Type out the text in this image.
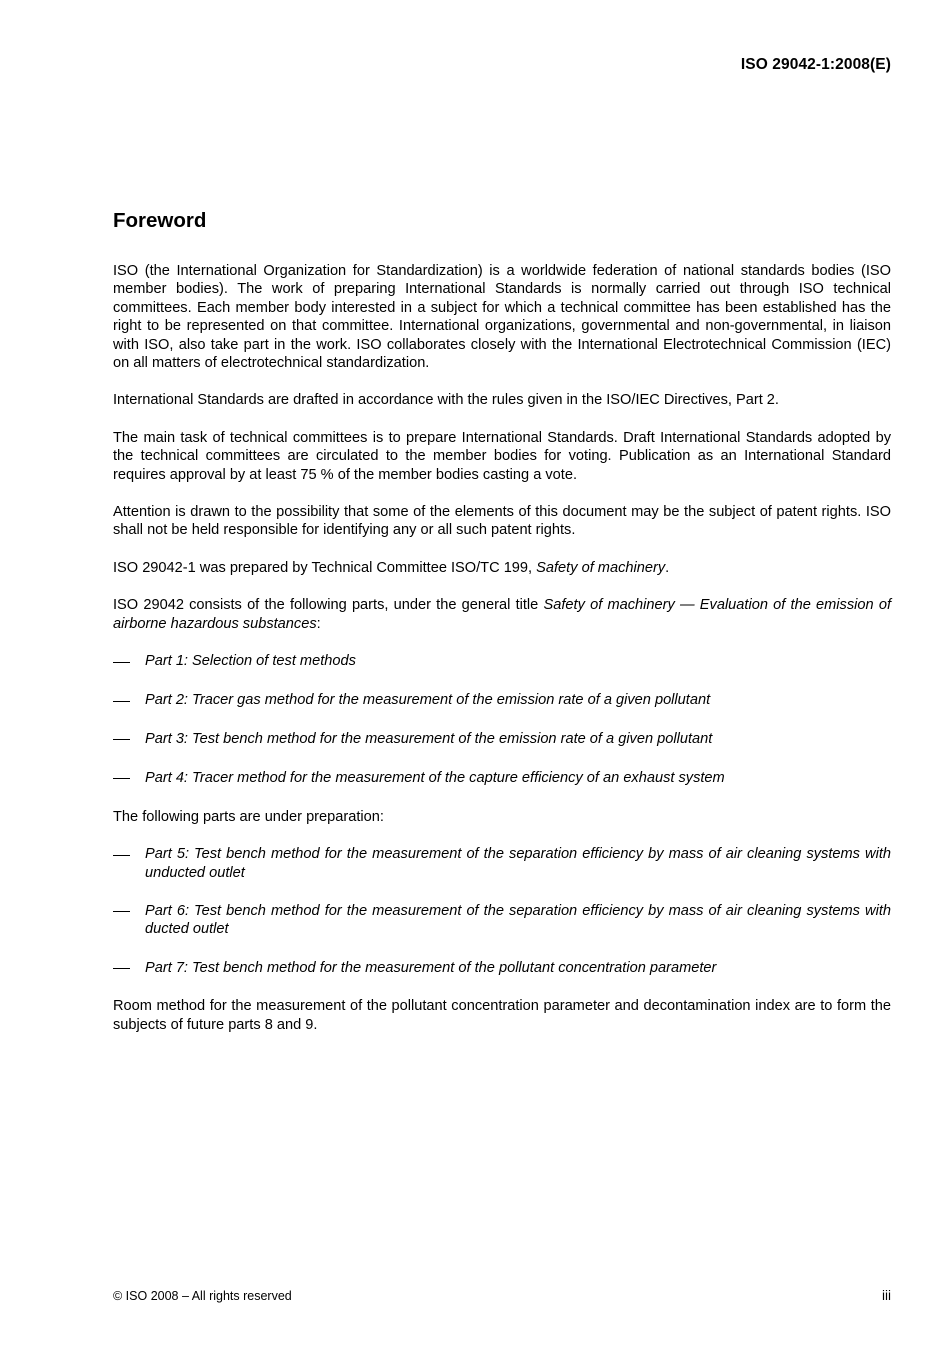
ISO 29042-1:2008(E)
Foreword

ISO (the International Organization for Standardization) is a worldwide federation of national standards bodies (ISO member bodies). The work of preparing International Standards is normally carried out through ISO technical committees. Each member body interested in a subject for which a technical committee has been established has the right to be represented on that committee. International organizations, governmental and non-governmental, in liaison with ISO, also take part in the work. ISO collaborates closely with the International Electrotechnical Commission (IEC) on all matters of electrotechnical standardization.

International Standards are drafted in accordance with the rules given in the ISO/IEC Directives, Part 2.

The main task of technical committees is to prepare International Standards. Draft International Standards adopted by the technical committees are circulated to the member bodies for voting. Publication as an International Standard requires approval by at least 75 % of the member bodies casting a vote.

Attention is drawn to the possibility that some of the elements of this document may be the subject of patent rights. ISO shall not be held responsible for identifying any or all such patent rights.

ISO 29042-1 was prepared by Technical Committee ISO/TC 199, Safety of machinery.

ISO 29042 consists of the following parts, under the general title Safety of machinery — Evaluation of the emission of airborne hazardous substances:

Part 1: Selection of test methods
Part 2: Tracer gas method for the measurement of the emission rate of a given pollutant
Part 3: Test bench method for the measurement of the emission rate of a given pollutant
Part 4: Tracer method for the measurement of the capture efficiency of an exhaust system

The following parts are under preparation:

Part 5: Test bench method for the measurement of the separation efficiency by mass of air cleaning systems with unducted outlet
Part 6: Test bench method for the measurement of the separation efficiency by mass of air cleaning systems with ducted outlet
Part 7: Test bench method for the measurement of the pollutant concentration parameter

Room method for the measurement of the pollutant concentration parameter and decontamination index are to form the subjects of future parts 8 and 9.

© ISO 2008 – All rights reserved	iii
